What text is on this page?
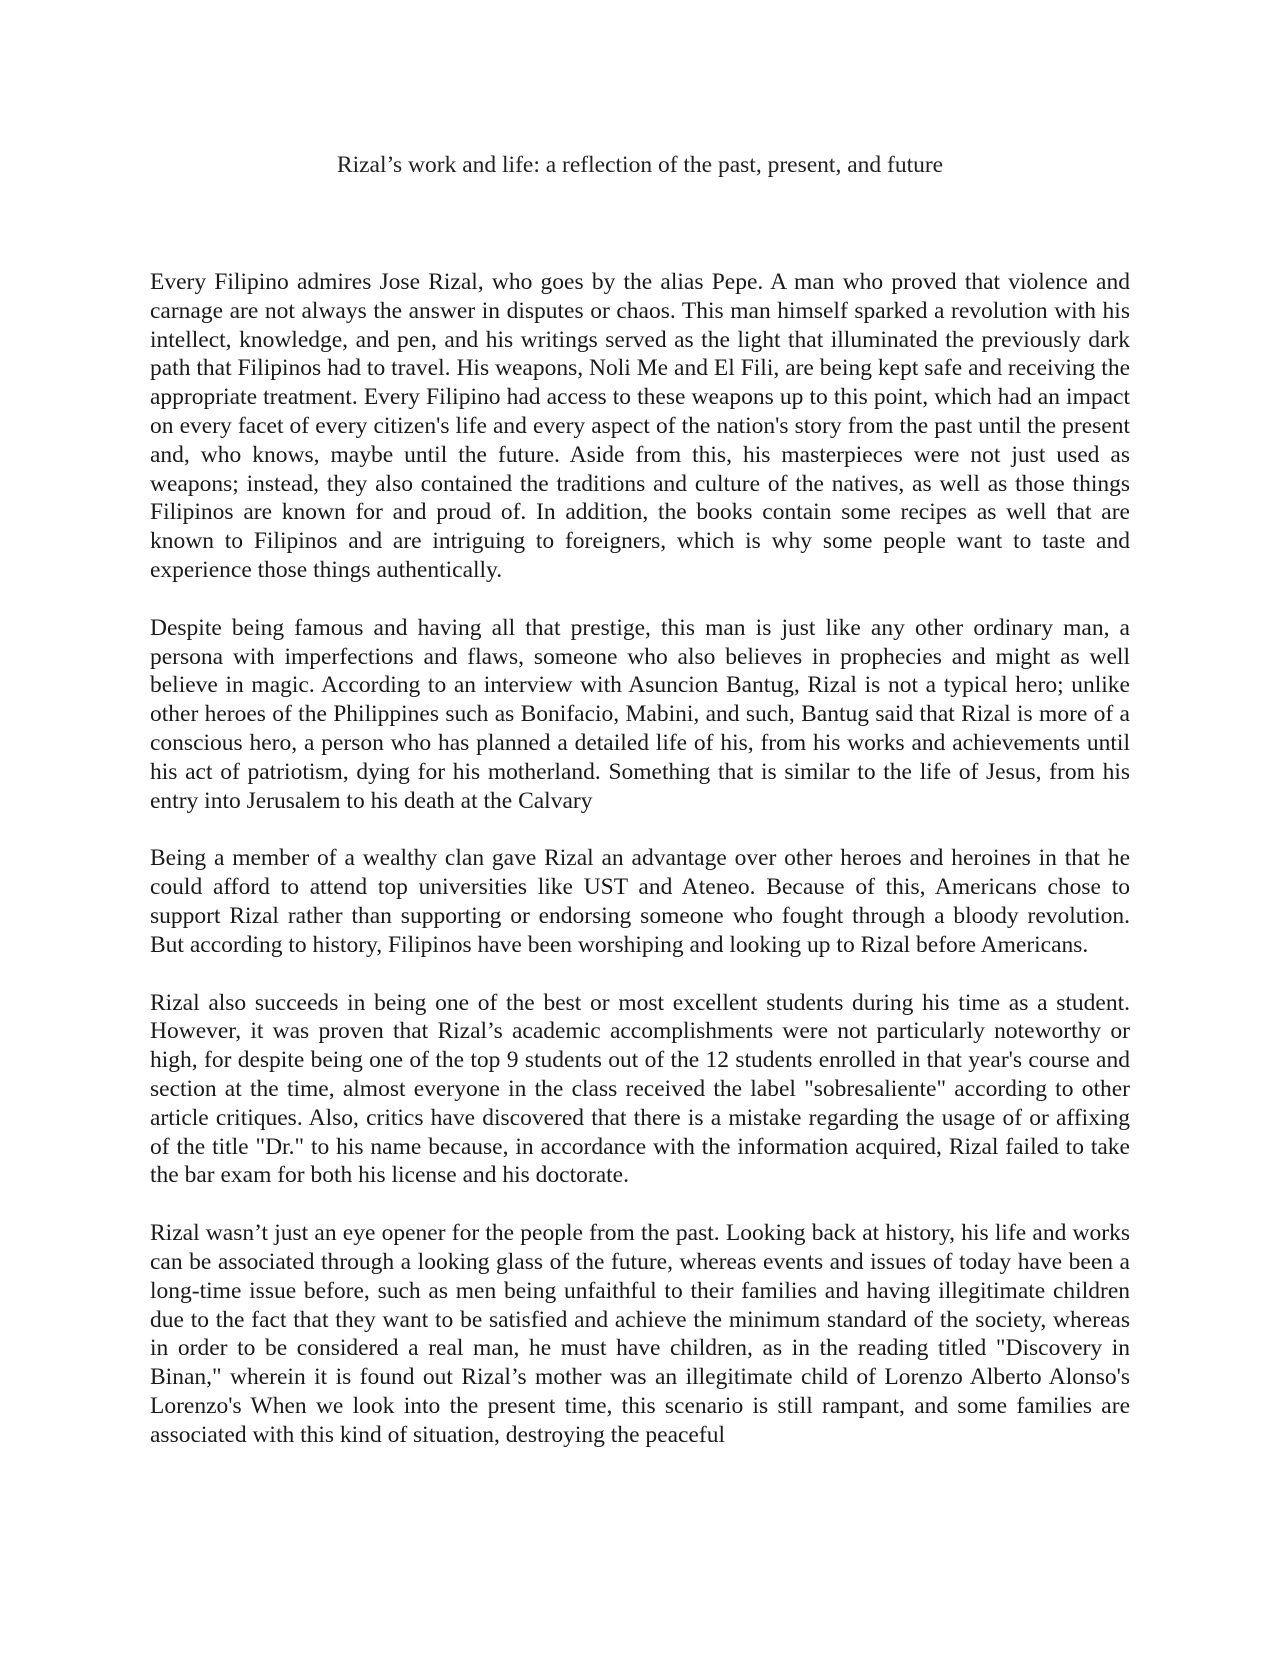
Rizal’s work and life: a reflection of the past, present, and future

Every Filipino admires Jose Rizal, who goes by the alias Pepe. A man who proved that violence and carnage are not always the answer in disputes or chaos. This man himself sparked a revolution with his intellect, knowledge, and pen, and his writings served as the light that illuminated the previously dark path that Filipinos had to travel. His weapons, Noli Me and El Fili, are being kept safe and receiving the appropriate treatment. Every Filipino had access to these weapons up to this point, which had an impact on every facet of every citizen's life and every aspect of the nation's story from the past until the present and, who knows, maybe until the future. Aside from this, his masterpieces were not just used as weapons; instead, they also contained the traditions and culture of the natives, as well as those things Filipinos are known for and proud of. In addition, the books contain some recipes as well that are known to Filipinos and are intriguing to foreigners, which is why some people want to taste and experience those things authentically.

Despite being famous and having all that prestige, this man is just like any other ordinary man, a persona with imperfections and flaws, someone who also believes in prophecies and might as well believe in magic. According to an interview with Asuncion Bantug, Rizal is not a typical hero; unlike other heroes of the Philippines such as Bonifacio, Mabini, and such, Bantug said that Rizal is more of a conscious hero, a person who has planned a detailed life of his, from his works and achievements until his act of patriotism, dying for his motherland. Something that is similar to the life of Jesus, from his entry into Jerusalem to his death at the Calvary

Being a member of a wealthy clan gave Rizal an advantage over other heroes and heroines in that he could afford to attend top universities like UST and Ateneo. Because of this, Americans chose to support Rizal rather than supporting or endorsing someone who fought through a bloody revolution. But according to history, Filipinos have been worshiping and looking up to Rizal before Americans.

Rizal also succeeds in being one of the best or most excellent students during his time as a student. However, it was proven that Rizal’s academic accomplishments were not particularly noteworthy or high, for despite being one of the top 9 students out of the 12 students enrolled in that year's course and section at the time, almost everyone in the class received the label "sobresaliente" according to other article critiques. Also, critics have discovered that there is a mistake regarding the usage of or affixing of the title "Dr." to his name because, in accordance with the information acquired, Rizal failed to take the bar exam for both his license and his doctorate.

Rizal wasn’t just an eye opener for the people from the past. Looking back at history, his life and works can be associated through a looking glass of the future, whereas events and issues of today have been a long-time issue before, such as men being unfaithful to their families and having illegitimate children due to the fact that they want to be satisfied and achieve the minimum standard of the society, whereas in order to be considered a real man, he must have children, as in the reading titled "Discovery in Binan," wherein it is found out Rizal’s mother was an illegitimate child of Lorenzo Alberto Alonso's Lorenzo's When we look into the present time, this scenario is still rampant, and some families are associated with this kind of situation, destroying the peaceful
